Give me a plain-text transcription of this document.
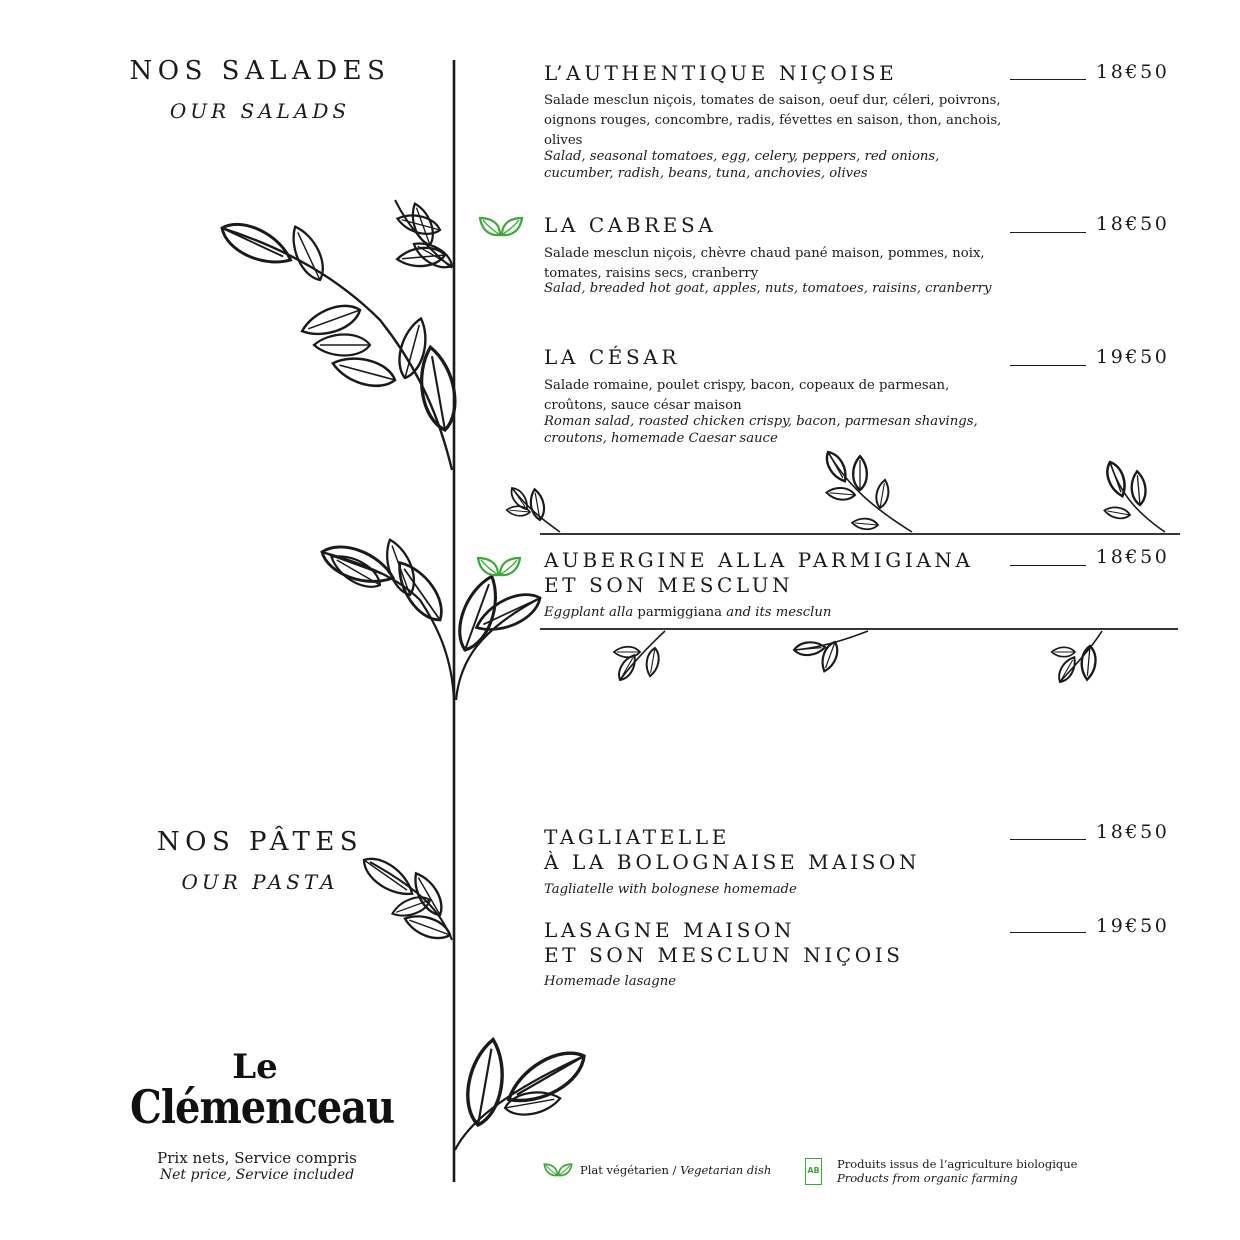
NOS SALADES
OUR SALADS
L’AUTHENTIQUE NIÇOISE	18€50
Salade mesclun niçois, tomates de saison, oeuf dur, céleri, poivrons, oignons rouges, concombre, radis, févettes en saison, thon, anchois, olives
Salad, seasonal tomatoes, egg, celery, peppers, red onions, cucumber, radish, beans, tuna, anchovies, olives
LA CABRESA	18€50
Salade mesclun niçois, chèvre chaud pané maison, pommes, noix, tomates, raisins secs, cranberry
Salad, breaded hot goat, apples, nuts, tomatoes, raisins, cranberry
LA CÉSAR	19€50
Salade romaine, poulet crispy, bacon, copeaux de parmesan, croûtons, sauce césar maison
Roman salad, roasted chicken crispy, bacon, parmesan shavings, croutons, homemade Caesar sauce
AUBERGINE ALLA PARMIGIANA
ET SON MESCLUN
18€50
Eggplant alla parmiggiana and its mesclun
NOS PÂTES
OUR PASTA
TAGLIATELLE
À LA BOLOGNAISE MAISON
18€50
Tagliatelle with bolognese homemade
LASAGNE MAISON
ET SON MESCLUN NIÇOIS
19€50
Homemade lasagne
Le
Clémenceau
Prix nets, Service compris
Net price, Service included	Plat végétarien / Vegetarian dish	AB Produits issus de l’agriculture biologique
Products from organic farming
